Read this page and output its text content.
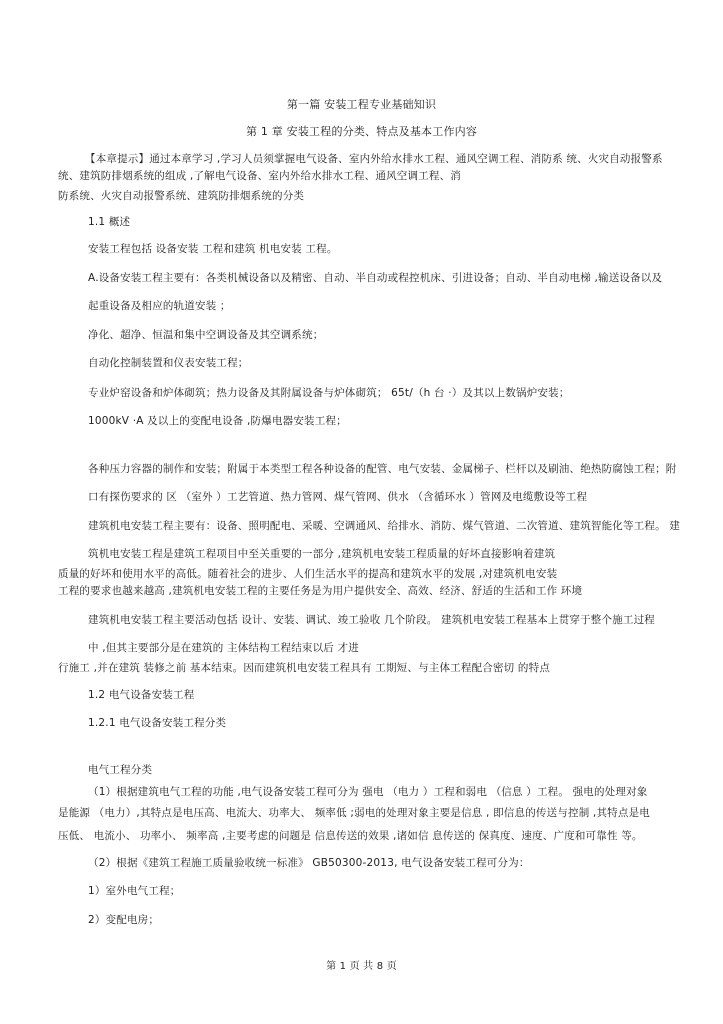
第一篇 安装工程专业基础知识

第 1 章 安装工程的分类、特点及基本工作内容

【本章提示】通过本章学习 ,学习人员须掌握电气设备、室内外给水排水工程、通风空调工程、消防系 统、火灾自动报警系

统、建筑防排烟系统的组成 ,了解电气设备、室内外给水排水工程、通风空调工程、消

防系统、火灾自动报警系统、建筑防排烟系统的分类

1.1 概述

安装工程包括 设备安装 工程和建筑 机电安装 工程。

A.设备安装工程主要有：各类机械设备以及精密、自动、半自动或程控机床、引进设备；自动、半自动电梯 ,输送设备以及

起重设备及相应的轨道安装 ；

净化、超净、恒温和集中空调设备及其空调系统；

自动化控制装置和仪表安装工程；

专业炉窑设备和炉体砌筑；热力设备及其附属设备与炉体砌筑； 65t/（h 台 ·）及其以上数锅炉安装；

1000kV ·A 及以上的变配电设备 ,防爆电器安装工程；

各种压力容器的制作和安装；附属于本类型工程各种设备的配管、电气安装、金属梯子、栏杆以及刷油、绝热防腐蚀工程；附

口有探伤要求的 区 （室外 ）工艺管道、热力管网、煤气管网、供水 （含循环水 ）管网及电缆敷设等工程

建筑机电安装工程主要有：设备、照明配电、采暖、空调通风、给排水、消防、煤气管道、二次管道、建筑智能化等工程。 建

筑机电安装工程是建筑工程项目中至关重要的一部分 ,建筑机电安装工程质量的好坏直接影响着建筑

质量的好坏和使用水平的高低。随着社会的进步、人们生活水平的提高和建筑水平的发展 ,对建筑机电安装

工程的要求也越来越高 ,建筑机电安装工程的主要任务是为用户提供安全、高效、经济、舒适的生活和工作 环境

建筑机电安装工程主要活动包括 设计、安装、调试、竣工验收 几个阶段。 建筑机电安装工程基本上贯穿于整个施工过程

中 ,但其主要部分是在建筑的 主体结构工程结束以后 才进

行施工 ,并在建筑 装修之前 基本结束。因而建筑机电安装工程具有 工期短、与主体工程配合密切 的特点

1.2 电气设备安装工程

1.2.1 电气设备安装工程分类

电气工程分类

（1）根据建筑电气工程的功能 ,电气设备安装工程可分为 强电 （电力 ）工程和弱电 （信息 ）工程。 强电的处理对象

是能源 （电力）,其特点是电压高、电流大、功率大、 频率低 ;弱电的处理对象主要是信息 , 即信息的传送与控制 ,其特点是电

压低、 电流小、 功率小、 频率高 ,主要考虑的问题是 信息传送的效果 ,诸如信 息传送的 保真度、速度、广度和可靠性 等。

（2）根据《建筑工程施工质量验收统一标准》 GB50300-2013, 电气设备安装工程可分为：

1）室外电气工程；

2）变配电房；

第 1 页 共 8 页
